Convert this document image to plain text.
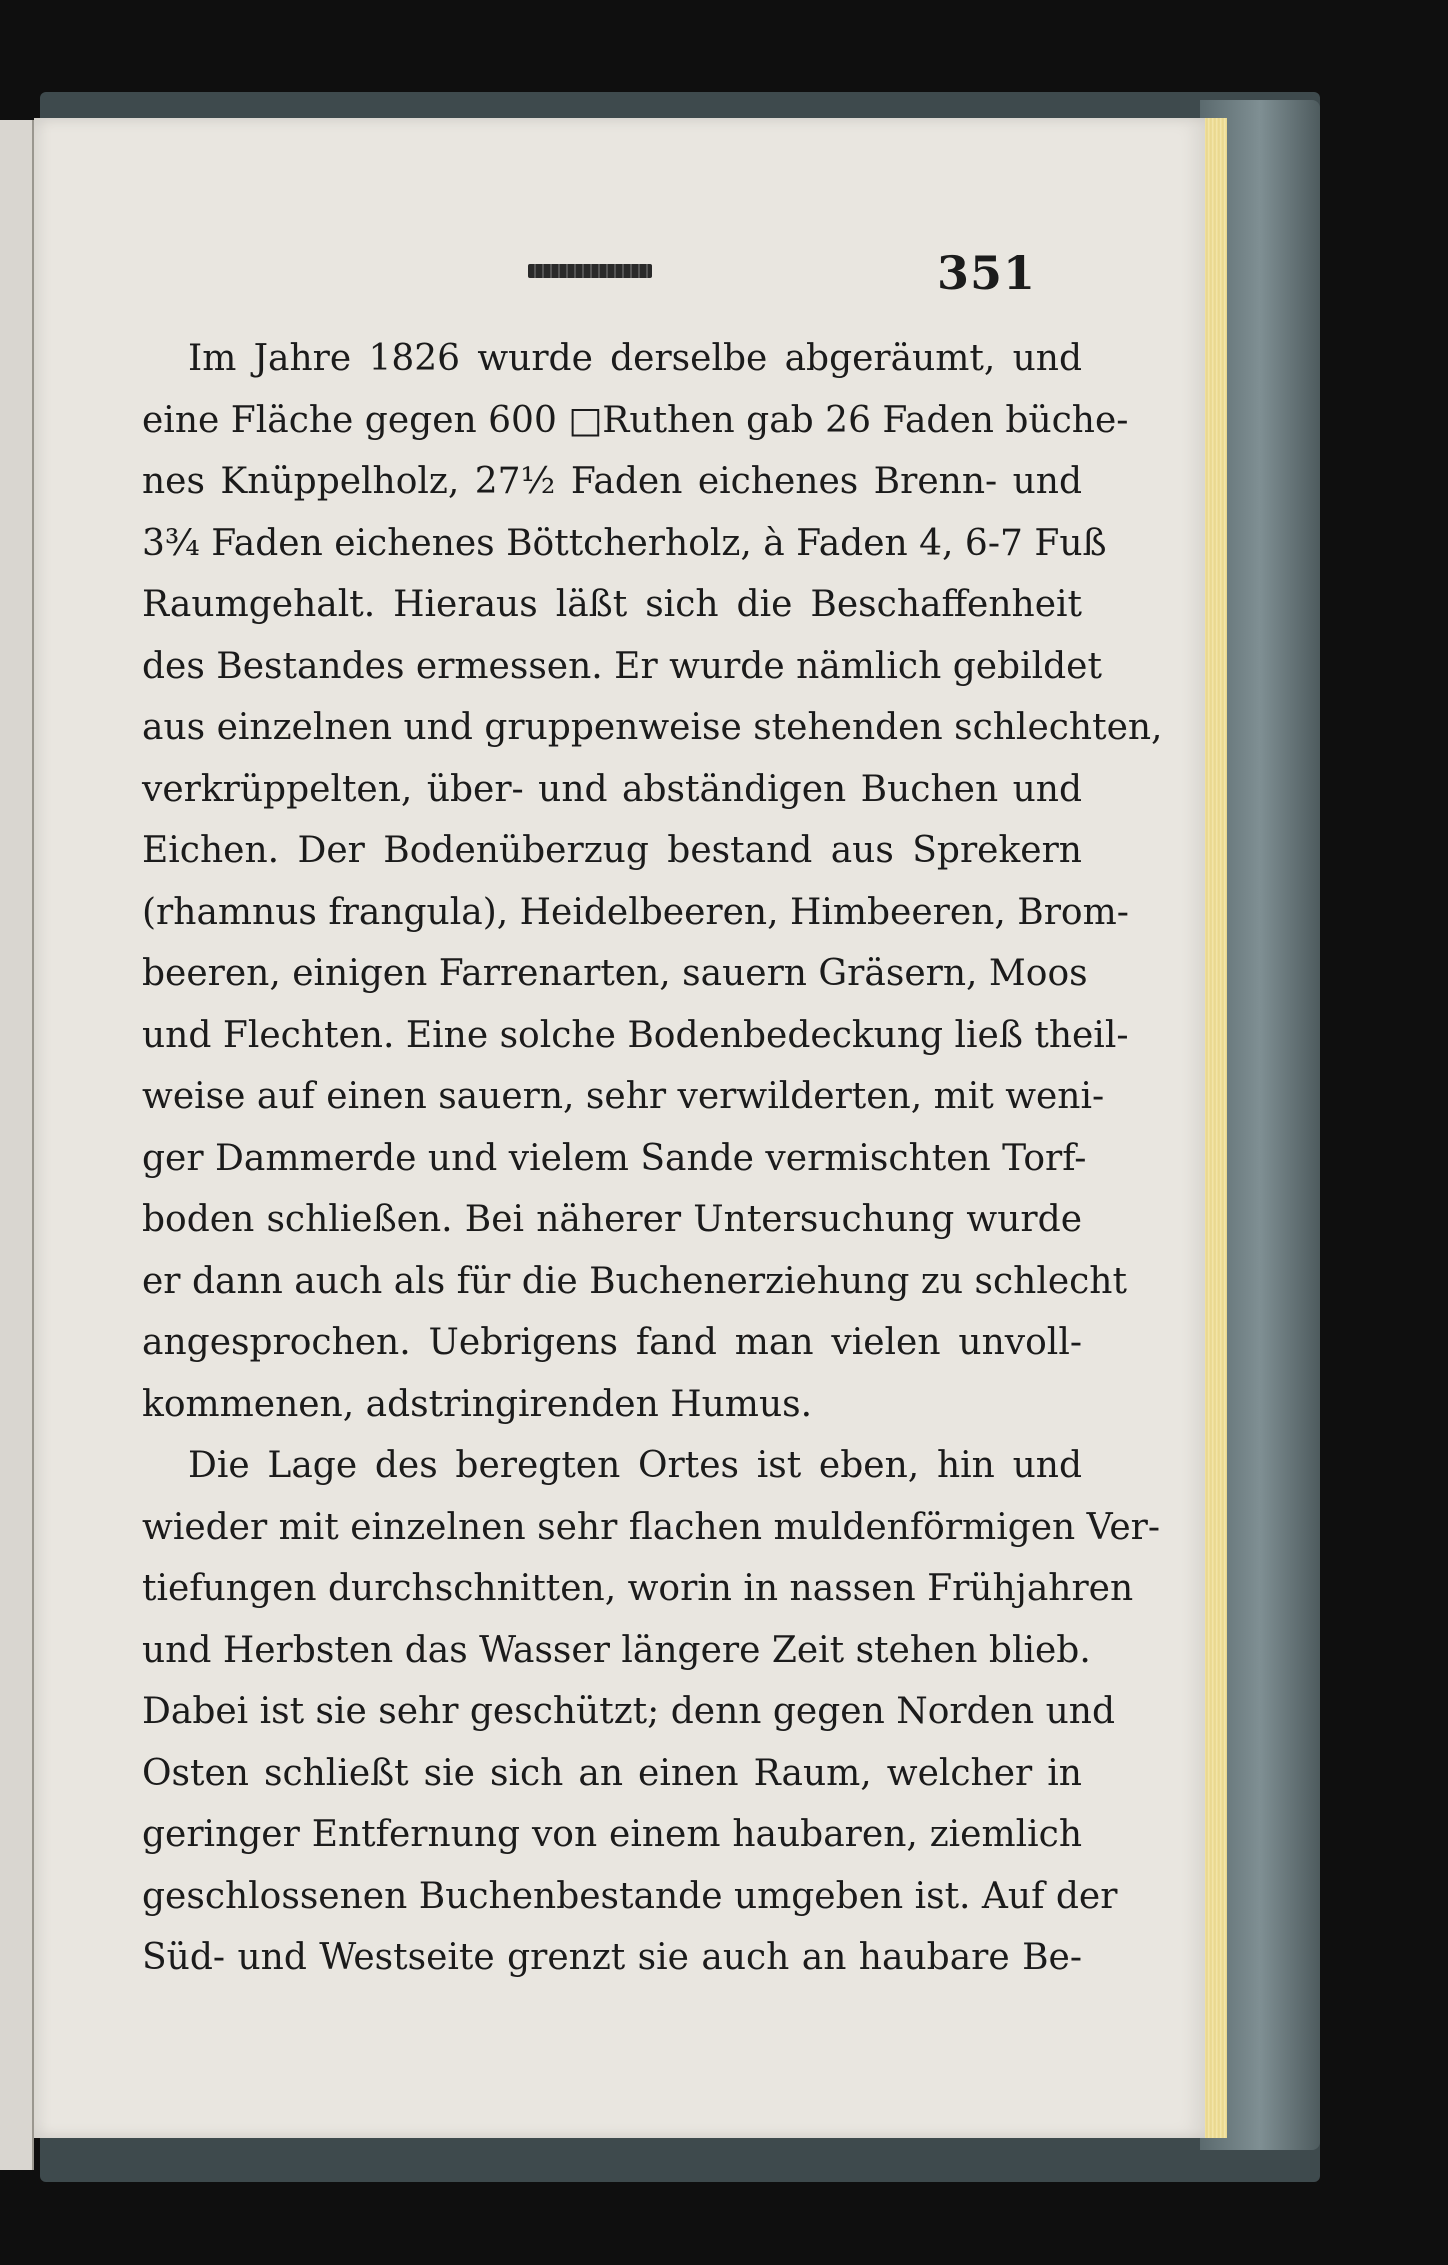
351
Im Jahre 1826 wurde derselbe abgeräumt, und
eine Fläche gegen 600 □Ruthen gab 26 Faden büche-
nes Knüppelholz, 27½ Faden eichenes Brenn- und
3¾ Faden eichenes Böttcherholz, à Faden 4, 6-7 Fuß
Raumgehalt. Hieraus läßt sich die Beschaffenheit
des Bestandes ermessen. Er wurde nämlich gebildet
aus einzelnen und gruppenweise stehenden schlechten,
verkrüppelten, über- und abständigen Buchen und
Eichen. Der Bodenüberzug bestand aus Sprekern
(rhamnus frangula), Heidelbeeren, Himbeeren, Brom-
beeren, einigen Farrenarten, sauern Gräsern, Moos
und Flechten. Eine solche Bodenbedeckung ließ theil-
weise auf einen sauern, sehr verwilderten, mit weni-
ger Dammerde und vielem Sande vermischten Torf-
boden schließen. Bei näherer Untersuchung wurde
er dann auch als für die Buchenerziehung zu schlecht
angesprochen. Uebrigens fand man vielen unvoll-
kommenen, adstringirenden Humus.
Die Lage des beregten Ortes ist eben, hin und
wieder mit einzelnen sehr flachen muldenförmigen Ver-
tiefungen durchschnitten, worin in nassen Frühjahren
und Herbsten das Wasser längere Zeit stehen blieb.
Dabei ist sie sehr geschützt; denn gegen Norden und
Osten schließt sie sich an einen Raum, welcher in
geringer Entfernung von einem haubaren, ziemlich
geschlossenen Buchenbestande umgeben ist. Auf der
Süd- und Westseite grenzt sie auch an haubare Be-
